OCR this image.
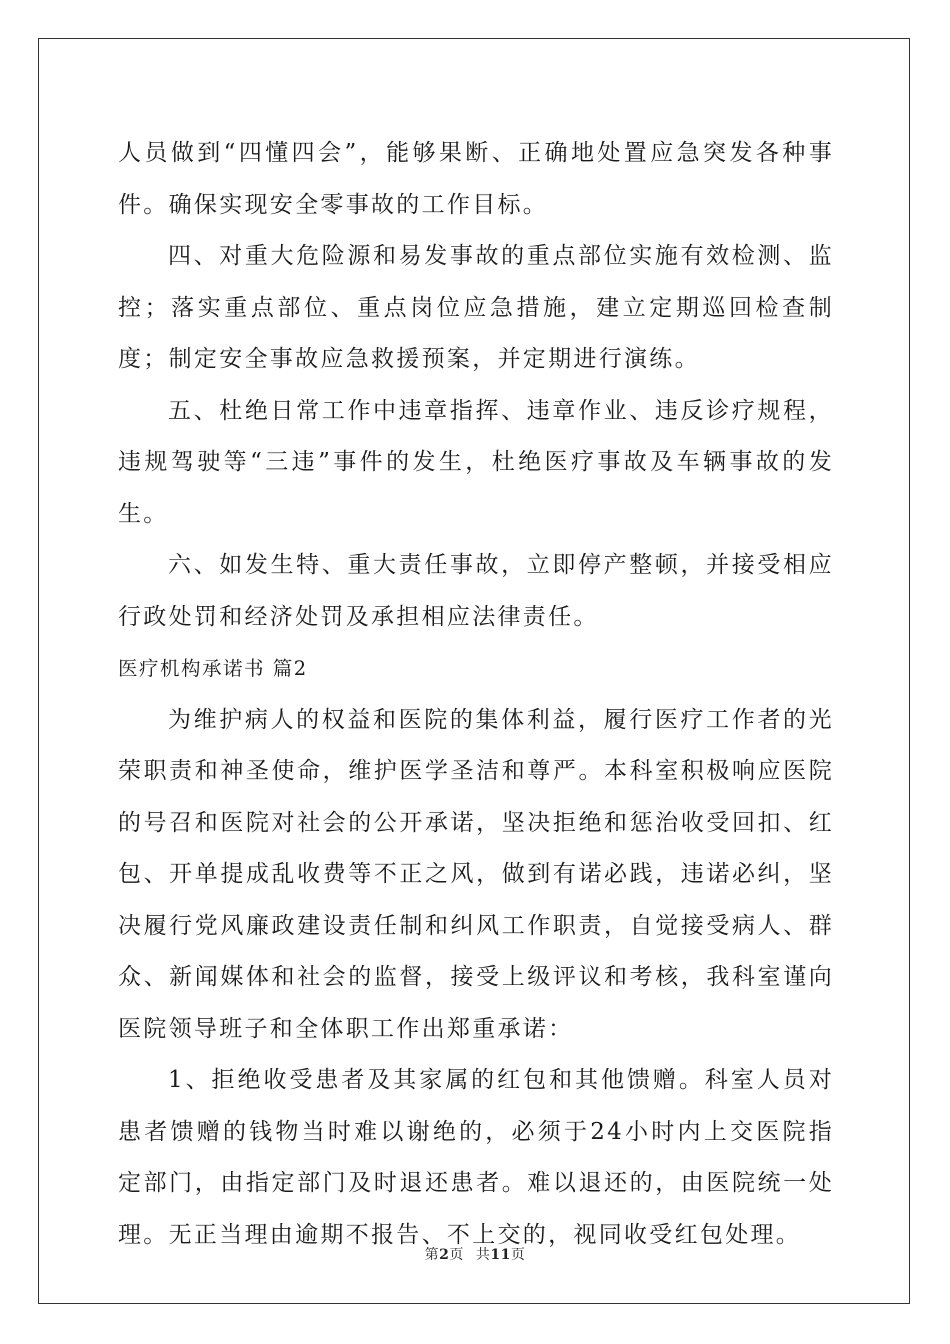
人员做到“四懂四会”，能够果断、正确地处置应急突发各种事件。确保实现安全零事故的工作目标。

四、对重大危险源和易发事故的重点部位实施有效检测、监控；落实重点部位、重点岗位应急措施，建立定期巡回检查制度；制定安全事故应急救援预案，并定期进行演练。

五、杜绝日常工作中违章指挥、违章作业、违反诊疗规程，违规驾驶等“三违”事件的发生，杜绝医疗事故及车辆事故的发生。

六、如发生特、重大责任事故，立即停产整顿，并接受相应行政处罚和经济处罚及承担相应法律责任。

医疗机构承诺书 篇2

为维护病人的权益和医院的集体利益，履行医疗工作者的光荣职责和神圣使命，维护医学圣洁和尊严。本科室积极响应医院的号召和医院对社会的公开承诺，坚决拒绝和惩治收受回扣、红包、开单提成乱收费等不正之风，做到有诺必践，违诺必纠，坚决履行党风廉政建设责任制和纠风工作职责，自觉接受病人、群众、新闻媒体和社会的监督，接受上级评议和考核，我科室谨向医院领导班子和全体职工作出郑重承诺：

1、拒绝收受患者及其家属的红包和其他馈赠。科室人员对患者馈赠的钱物当时难以谢绝的，必须于24小时内上交医院指定部门，由指定部门及时退还患者。难以退还的，由医院统一处理。无正当理由逾期不报告、不上交的，视同收受红包处理。

第2页 共11页
